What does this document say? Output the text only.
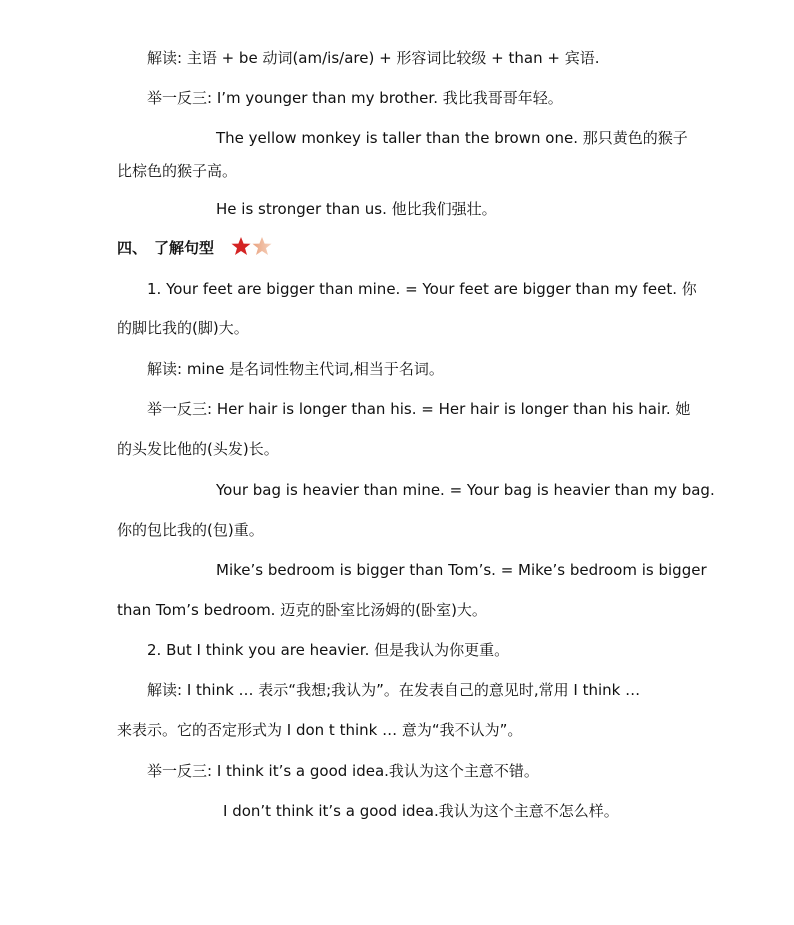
解读: 主语 + be 动词(am/is/are) + 形容词比较级 + than + 宾语.
举一反三: I’m younger than my brother. 我比我哥哥年轻。
The yellow monkey is taller than the brown one. 那只黄色的猴子
比棕色的猴子高。
He is stronger than us. 他比我们强壮。
四、 了解句型
1. Your feet are bigger than mine. = Your feet are bigger than my feet. 你
的脚比我的(脚)大。
解读: mine 是名词性物主代词,相当于名词。
举一反三: Her hair is longer than his. = Her hair is longer than his hair. 她
的头发比他的(头发)长。
Your bag is heavier than mine. = Your bag is heavier than my bag.
你的包比我的(包)重。
Mike’s bedroom is bigger than Tom’s. = Mike’s bedroom is bigger
than Tom’s bedroom. 迈克的卧室比汤姆的(卧室)大。
2. But I think you are heavier. 但是我认为你更重。
解读: I think … 表示“我想;我认为”。在发表自己的意见时,常用 I think …
来表示。它的否定形式为 I don t think … 意为“我不认为”。
举一反三: I think it’s a good idea.我认为这个主意不错。
I don’t think it’s a good idea.我认为这个主意不怎么样。
